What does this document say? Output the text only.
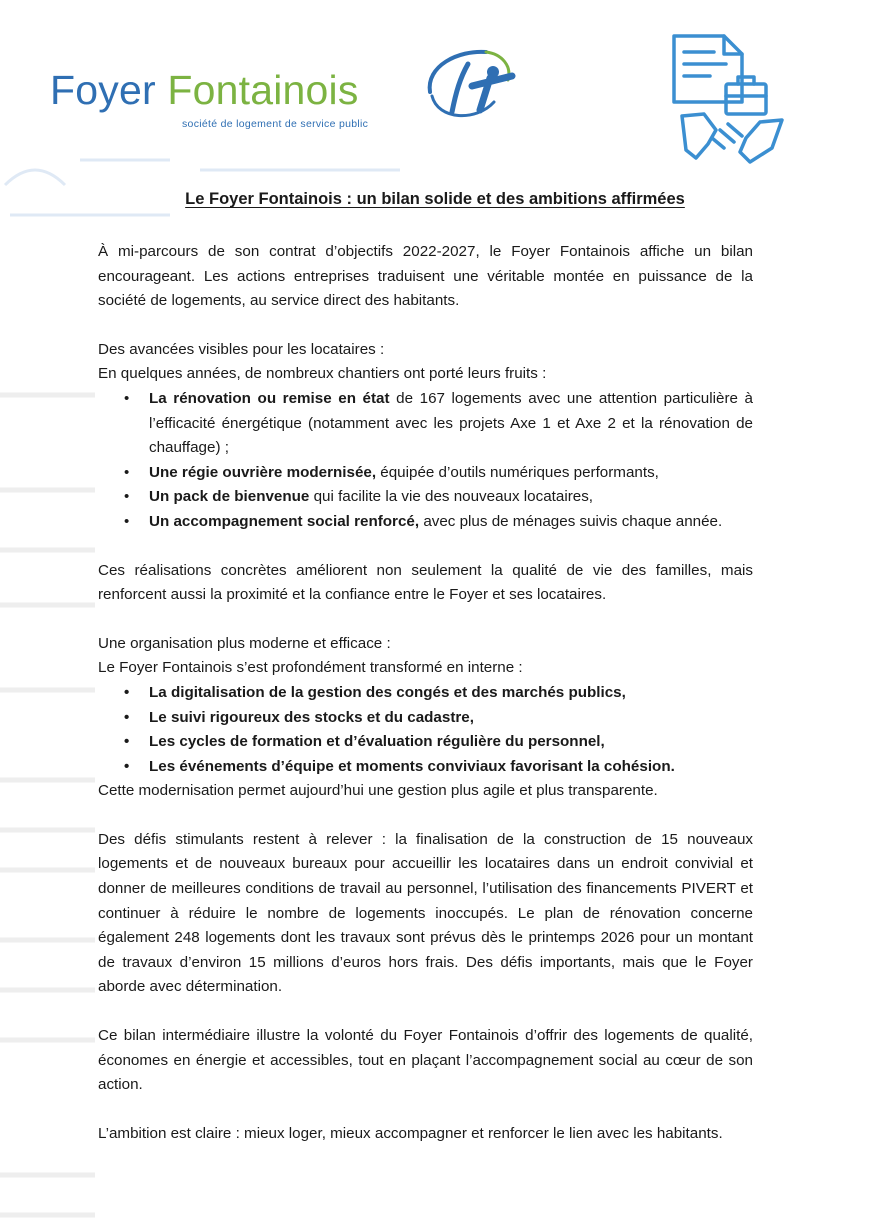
Foyer Fontainois
société de logement de service public
Le Foyer Fontainois : un bilan solide et des ambitions affirmées

À mi-parcours de son contrat d’objectifs 2022-2027, le Foyer Fontainois affiche un bilan encourageant. Les actions entreprises traduisent une véritable montée en puissance de la société de logements, au service direct des habitants.

Des avancées visibles pour les locataires :

En quelques années, de nombreux chantiers ont porté leurs fruits :

• La rénovation ou remise en état de 167 logements avec une attention particulière à l’efficacité énergétique (notamment avec les projets Axe 1 et Axe 2 et la rénovation de chauffage) ;
• Une régie ouvrière modernisée, équipée d’outils numériques performants,
• Un pack de bienvenue qui facilite la vie des nouveaux locataires,
• Un accompagnement social renforcé, avec plus de ménages suivis chaque année.

Ces réalisations concrètes améliorent non seulement la qualité de vie des familles, mais renforcent aussi la proximité et la confiance entre le Foyer et ses locataires.

Une organisation plus moderne et efficace :

Le Foyer Fontainois s’est profondément transformé en interne :

• La digitalisation de la gestion des congés et des marchés publics,
• Le suivi rigoureux des stocks et du cadastre,
• Les cycles de formation et d’évaluation régulière du personnel,
• Les événements d’équipe et moments conviviaux favorisant la cohésion.

Cette modernisation permet aujourd’hui une gestion plus agile et plus transparente.

Des défis stimulants restent à relever : la finalisation de la construction de 15 nouveaux logements et de nouveaux bureaux pour accueillir les locataires dans un endroit convivial et donner de meilleures conditions de travail au personnel, l’utilisation des financements PIVERT et continuer à réduire le nombre de logements inoccupés. Le plan de rénovation concerne également 248 logements dont les travaux sont prévus dès le printemps 2026 pour un montant de travaux d’environ 15 millions d’euros hors frais. Des défis importants, mais que le Foyer aborde avec détermination.

Ce bilan intermédiaire illustre la volonté du Foyer Fontainois d’offrir des logements de qualité, économes en énergie et accessibles, tout en plaçant l’accompagnement social au cœur de son action.

L’ambition est claire : mieux loger, mieux accompagner et renforcer le lien avec les habitants.
